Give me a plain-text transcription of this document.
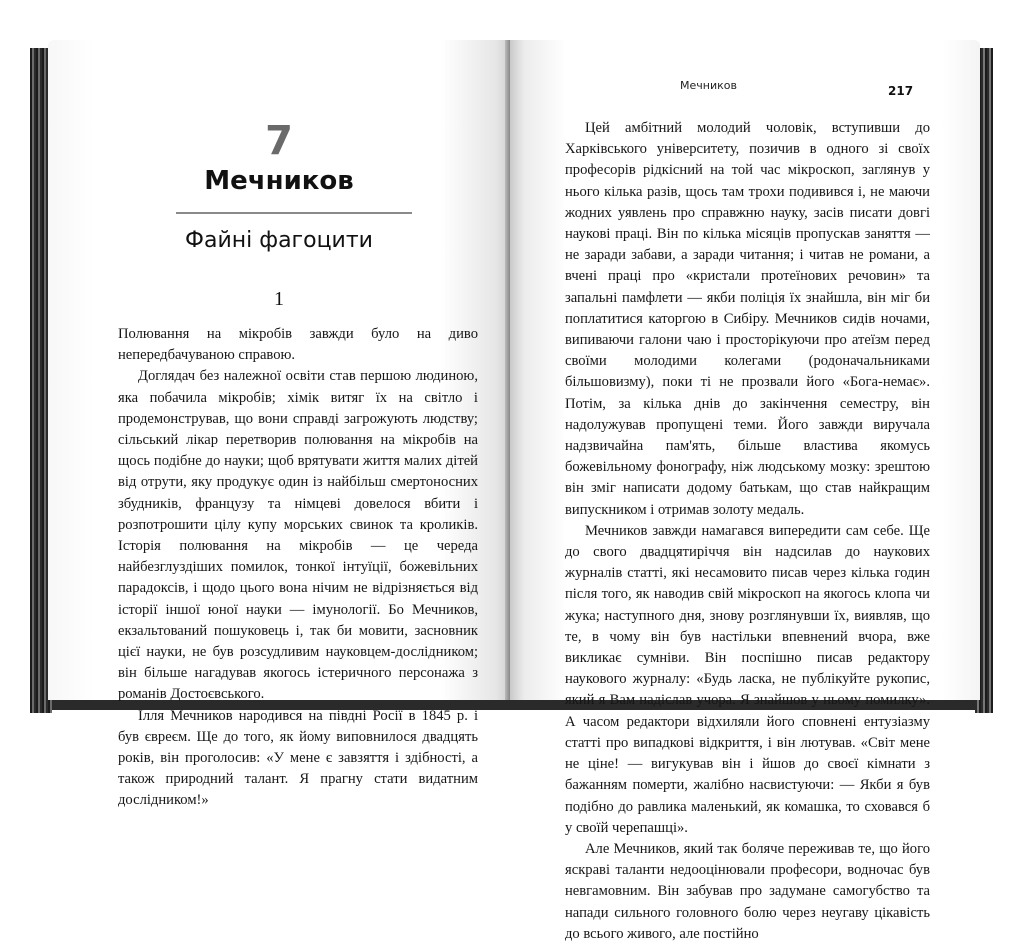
7
Мечников
Файні фагоцити
1

Полювання на мікробів завжди було на диво непередбачуваною справою.

Доглядач без належної освіти став першою людиною, яка побачила мікробів; хімік витяг їх на світло і продемонстрував, що вони справді загрожують людству; сільський лікар перетворив полювання на мікробів на щось подібне до науки; щоб врятувати життя малих дітей від отрути, яку продукує один із найбільш смертоносних збудників, французу та німцеві довелося вбити і розпотрошити цілу купу морських свинок та кроликів. Історія полювання на мікробів — це череда найбезглуздіших помилок, тонкої інтуїції, божевільних парадоксів, і щодо цього вона нічим не відрізняється від історії іншої юної науки — імунології. Бо Мечников, екзальтований пошуковець і, так би мовити, засновник цієї науки, не був розсудливим науковцем-дослідником; він більше нагадував якогось істеричного персонажа з романів Достоєвського.

Ілля Мечников народився на півдні Росії в 1845 р. і був євреєм. Ще до того, як йому виповнилося двадцять років, він проголосив: «У мене є завзяття і здібності, а також природний талант. Я прагну стати видатним дослідником!»

Мечников	217

Цей амбітний молодий чоловік, вступивши до Харківського університету, позичив в одного зі своїх професорів рідкісний на той час мікроскоп, заглянув у нього кілька разів, щось там трохи подивився і, не маючи жодних уявлень про справжню науку, засів писати довгі наукові праці. Він по кілька місяців пропускав заняття — не заради забави, а заради читання; і читав не романи, а вчені праці про «кристали протеїнових речовин» та запальні памфлети — якби поліція їх знайшла, він міг би поплатитися каторгою в Сибіру. Мечников сидів ночами, випиваючи галони чаю і просторікуючи про атеїзм перед своїми молодими колегами (родоначальниками більшовизму), поки ті не прозвали його «Бога-немає». Потім, за кілька днів до закінчення семестру, він надолужував пропущені теми. Його завжди виручала надзвичайна пам'ять, більше властива якомусь божевільному фонографу, ніж людському мозку: зрештою він зміг написати додому батькам, що став найкращим випускником і отримав золоту медаль.

Мечников завжди намагався випередити сам себе. Ще до свого двадцятиріччя він надсилав до наукових журналів статті, які несамовито писав через кілька годин після того, як наводив свій мікроскоп на якогось клопа чи жука; наступного дня, знову розглянувши їх, виявляв, що те, в чому він був настільки впевнений вчора, вже викликає сумніви. Він поспішно писав редактору наукового журналу: «Будь ласка, не публікуйте рукопис, який я Вам надіслав учора. Я знайшов у ньому помилку». А часом редактори відхиляли його сповнені ентузіазму статті про випадкові відкриття, і він лютував. «Світ мене не ціне! — вигукував він і йшов до своєї кімнати з бажанням померти, жалібно насвистуючи: — Якби я був подібно до равлика маленький, як комашка, то сховався б у своїй черепашці».

Але Мечников, який так боляче переживав те, що його яскраві таланти недооцінювали професори, водночас був невгамовним. Він забував про задумане самогубство та напади сильного головного болю через неугаву цікавість до всього живого, але постійно
